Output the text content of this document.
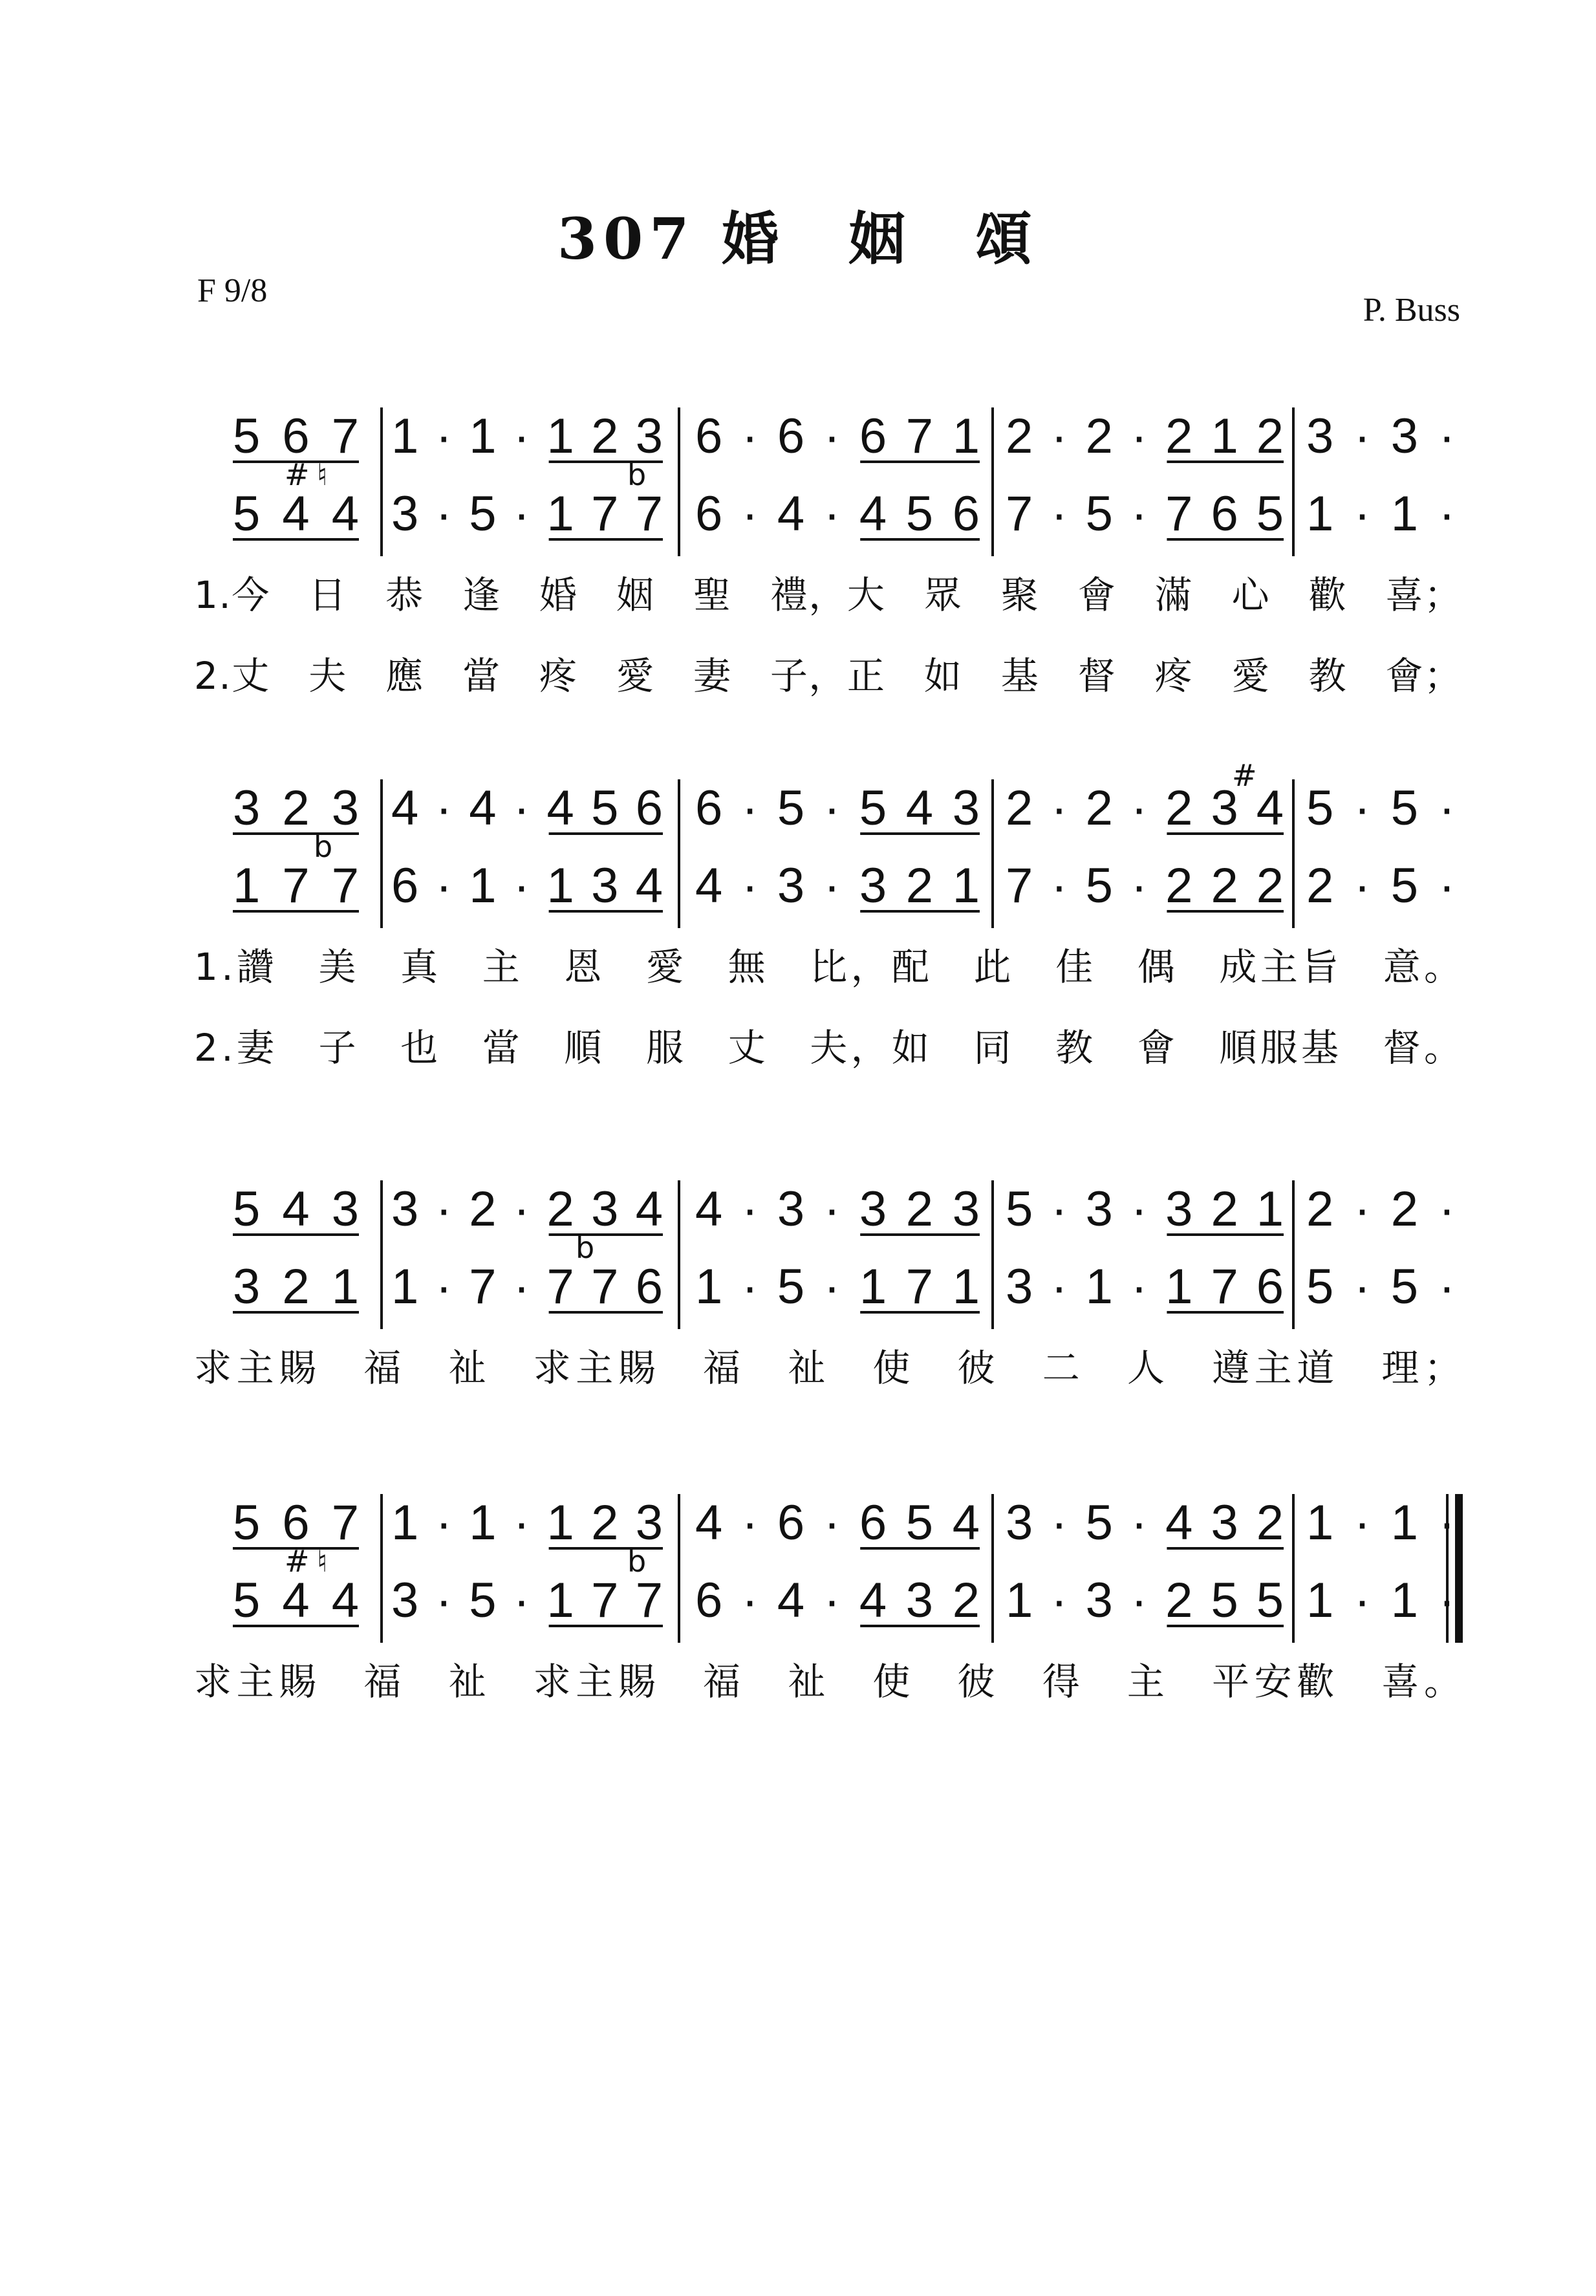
307 婚　姻　頌
F 9/8
P. Buss
567 1·1·123 6·6·671 2·2·212 3·3·
544 3·5·177 6·4·456 7·5·765 1·1·
# ♮	b
1.今　日　恭　逢　婚　姻　聖　禮，大　眾　聚　會　滿　心　歡　喜；
2.丈　夫　應　當　疼　愛　妻　子，正　如　基　督　疼　愛　教　會；
323 4·4·456 6·5·543 2·2·234 5·5·
177 6·1·134 4·3·321 7·5·222 2·5·
b
#
1.讚　美　真　主　恩　愛　無　比，配　此　佳　偶　成主旨　意。
2.妻　子　也　當　順　服　丈　夫，如　同　教　會　順服基　督。
543 3·2·234 4·3·323 5·3·321 2·2·
321 1·7·776 1·5·171 3·1·176 5·5·
b
求主賜　福　祉　求主賜　福　祉　使　彼　二　人　遵主道　理；
567 1·1·123 4·6·654 3·5·432 1·1·
544 3·5·177 6·4·432 1·3·255 1·1·
# ♮	b
求主賜　福　祉　求主賜　福　祉　使　彼　得　主　平安歡　喜。
